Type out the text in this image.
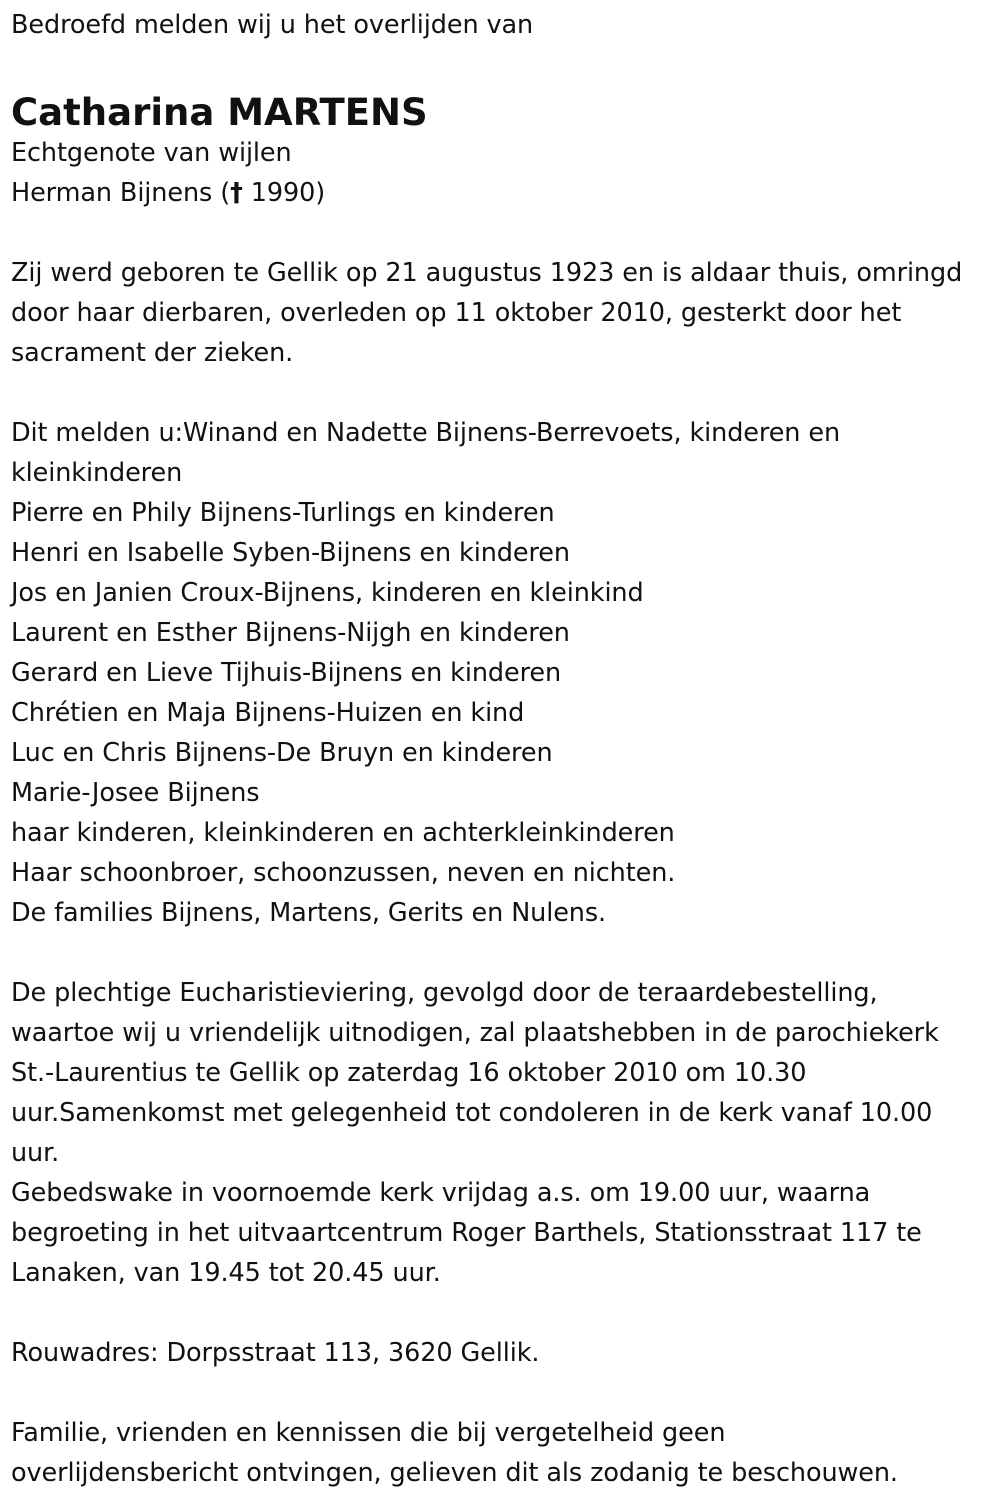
Bedroefd melden wij u het overlijden van
Catharina MARTENS
Echtgenote van wijlen
Herman Bijnens († 1990)
Zij werd geboren te Gellik op 21 augustus 1923 en is aldaar thuis, omringd
door haar dierbaren, overleden op 11 oktober 2010, gesterkt door het
sacrament der zieken.
Dit melden u:Winand en Nadette Bijnens-Berrevoets, kinderen en
kleinkinderen
Pierre en Phily Bijnens-Turlings en kinderen
Henri en Isabelle Syben-Bijnens en kinderen
Jos en Janien Croux-Bijnens, kinderen en kleinkind
Laurent en Esther Bijnens-Nijgh en kinderen
Gerard en Lieve Tijhuis-Bijnens en kinderen
Chrétien en Maja Bijnens-Huizen en kind
Luc en Chris Bijnens-De Bruyn en kinderen
Marie-Josee Bijnens
haar kinderen, kleinkinderen en achterkleinkinderen
Haar schoonbroer, schoonzussen, neven en nichten.
De families Bijnens, Martens, Gerits en Nulens.
De plechtige Eucharistieviering, gevolgd door de teraardebestelling,
waartoe wij u vriendelijk uitnodigen, zal plaatshebben in de parochiekerk
St.-Laurentius te Gellik op zaterdag 16 oktober 2010 om 10.30
uur.Samenkomst met gelegenheid tot condoleren in de kerk vanaf 10.00
uur.
Gebedswake in voornoemde kerk vrijdag a.s. om 19.00 uur, waarna
begroeting in het uitvaartcentrum Roger Barthels, Stationsstraat 117 te
Lanaken, van 19.45 tot 20.45 uur.
Rouwadres: Dorpsstraat 113, 3620 Gellik.
Familie, vrienden en kennissen die bij vergetelheid geen
overlijdensbericht ontvingen, gelieven dit als zodanig te beschouwen.
